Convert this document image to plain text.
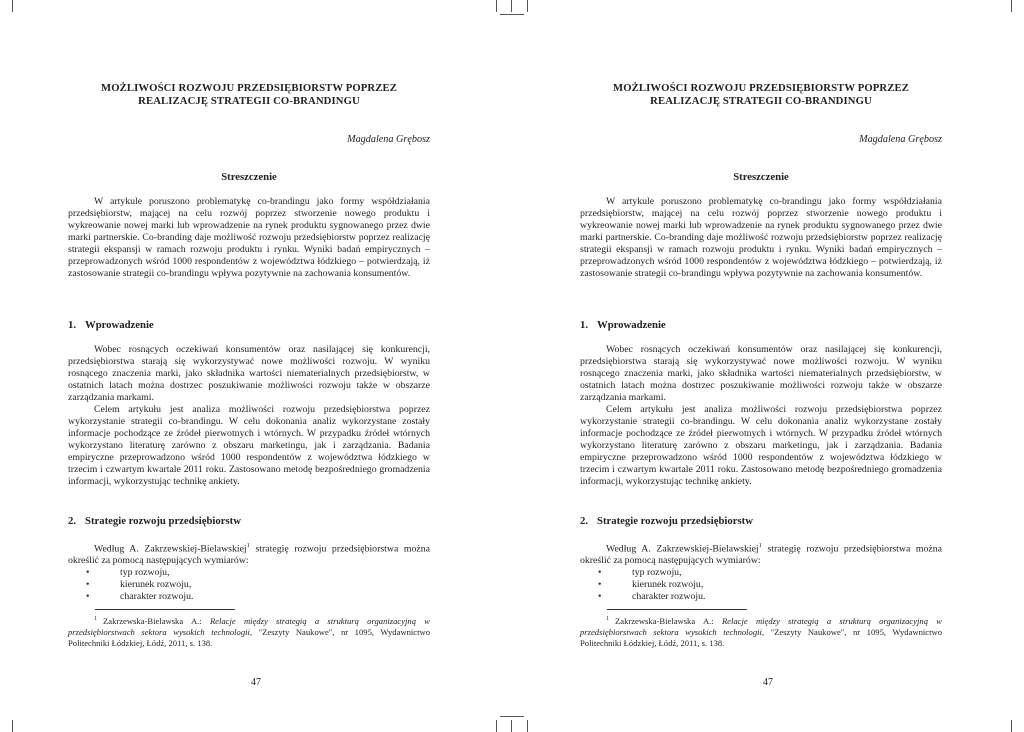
MOŻLIWOŚCI ROZWOJU PRZEDSIĘBIORSTW POPRZEZ
REALIZACJĘ STRATEGII CO-BRANDINGU
Magdalena Grębosz
Streszczenie

W artykule poruszono problematykę co-brandingu jako formy współdziałania przedsiębiorstw, mającej na celu rozwój poprzez stworzenie nowego produktu i wykreowanie nowej marki lub wprowadzenie na rynek produktu sygnowanego przez dwie marki partnerskie. Co-branding daje możliwość rozwoju przedsiębiorstw poprzez realizację strategii ekspansji w ramach rozwoju produktu i rynku. Wyniki badań empirycznych – przeprowadzonych wśród 1000 respondentów z województwa łódzkiego – potwierdzają, iż zastosowanie strategii co-brandingu wpływa pozytywnie na zachowania konsumentów.

1. Wprowadzenie

Wobec rosnących oczekiwań konsumentów oraz nasilającej się konkurencji, przedsiębiorstwa starają się wykorzystywać nowe możliwości rozwoju. W wyniku rosnącego znaczenia marki, jako składnika wartości niematerialnych przedsiębiorstw, w ostatnich latach można dostrzec poszukiwanie możliwości rozwoju także w obszarze zarządzania markami.

Celem artykułu jest analiza możliwości rozwoju przedsiębiorstwa poprzez wykorzystanie strategii co-brandingu. W celu dokonania analiz wykorzystane zostały informacje pochodzące ze źródeł pierwotnych i wtórnych. W przypadku źródeł wtórnych wykorzystano literaturę zarówno z obszaru marketingu, jak i zarządzania. Badania empiryczne przeprowadzono wśród 1000 respondentów z województwa łódzkiego w trzecim i czwartym kwartale 2011 roku. Zastosowano metodę bezpośredniego gromadzenia informacji, wykorzystując technikę ankiety.

2. Strategie rozwoju przedsiębiorstw

Według A. Zakrzewskiej-Bielawskiej$^1$ strategię rozwoju przedsiębiorstwa można określić za pomocą następujących wymiarów:

•	typ rozwoju,
•	kierunek rozwoju,
•	charakter rozwoju.
$^1$ Zakrzewska-Bielawska A.: Relacje między strategią a strukturą organizacyjną w przedsiębiorstwach sektora wysokich technologii, "Zeszyty Naukowe", nr 1095, Wydawnictwo Politechniki Łódzkiej, Łódź, 2011, s. 138.
47
MOŻLIWOŚCI ROZWOJU PRZEDSIĘBIORSTW POPRZEZ
REALIZACJĘ STRATEGII CO-BRANDINGU
Magdalena Grębosz
Streszczenie

W artykule poruszono problematykę co-brandingu jako formy współdziałania przedsiębiorstw, mającej na celu rozwój poprzez stworzenie nowego produktu i wykreowanie nowej marki lub wprowadzenie na rynek produktu sygnowanego przez dwie marki partnerskie. Co-branding daje możliwość rozwoju przedsiębiorstw poprzez realizację strategii ekspansji w ramach rozwoju produktu i rynku. Wyniki badań empirycznych – przeprowadzonych wśród 1000 respondentów z województwa łódzkiego – potwierdzają, iż zastosowanie strategii co-brandingu wpływa pozytywnie na zachowania konsumentów.

1. Wprowadzenie

Wobec rosnących oczekiwań konsumentów oraz nasilającej się konkurencji, przedsiębiorstwa starają się wykorzystywać nowe możliwości rozwoju. W wyniku rosnącego znaczenia marki, jako składnika wartości niematerialnych przedsiębiorstw, w ostatnich latach można dostrzec poszukiwanie możliwości rozwoju także w obszarze zarządzania markami.

Celem artykułu jest analiza możliwości rozwoju przedsiębiorstwa poprzez wykorzystanie strategii co-brandingu. W celu dokonania analiz wykorzystane zostały informacje pochodzące ze źródeł pierwotnych i wtórnych. W przypadku źródeł wtórnych wykorzystano literaturę zarówno z obszaru marketingu, jak i zarządzania. Badania empiryczne przeprowadzono wśród 1000 respondentów z województwa łódzkiego w trzecim i czwartym kwartale 2011 roku. Zastosowano metodę bezpośredniego gromadzenia informacji, wykorzystując technikę ankiety.

2. Strategie rozwoju przedsiębiorstw

Według A. Zakrzewskiej-Bielawskiej$^1$ strategię rozwoju przedsiębiorstwa można określić za pomocą następujących wymiarów:

•	typ rozwoju,
•	kierunek rozwoju,
•	charakter rozwoju.
$^1$ Zakrzewska-Bielawska A.: Relacje między strategią a strukturą organizacyjną w przedsiębiorstwach sektora wysokich technologii, "Zeszyty Naukowe", nr 1095, Wydawnictwo Politechniki Łódzkiej, Łódź, 2011, s. 138.
47
